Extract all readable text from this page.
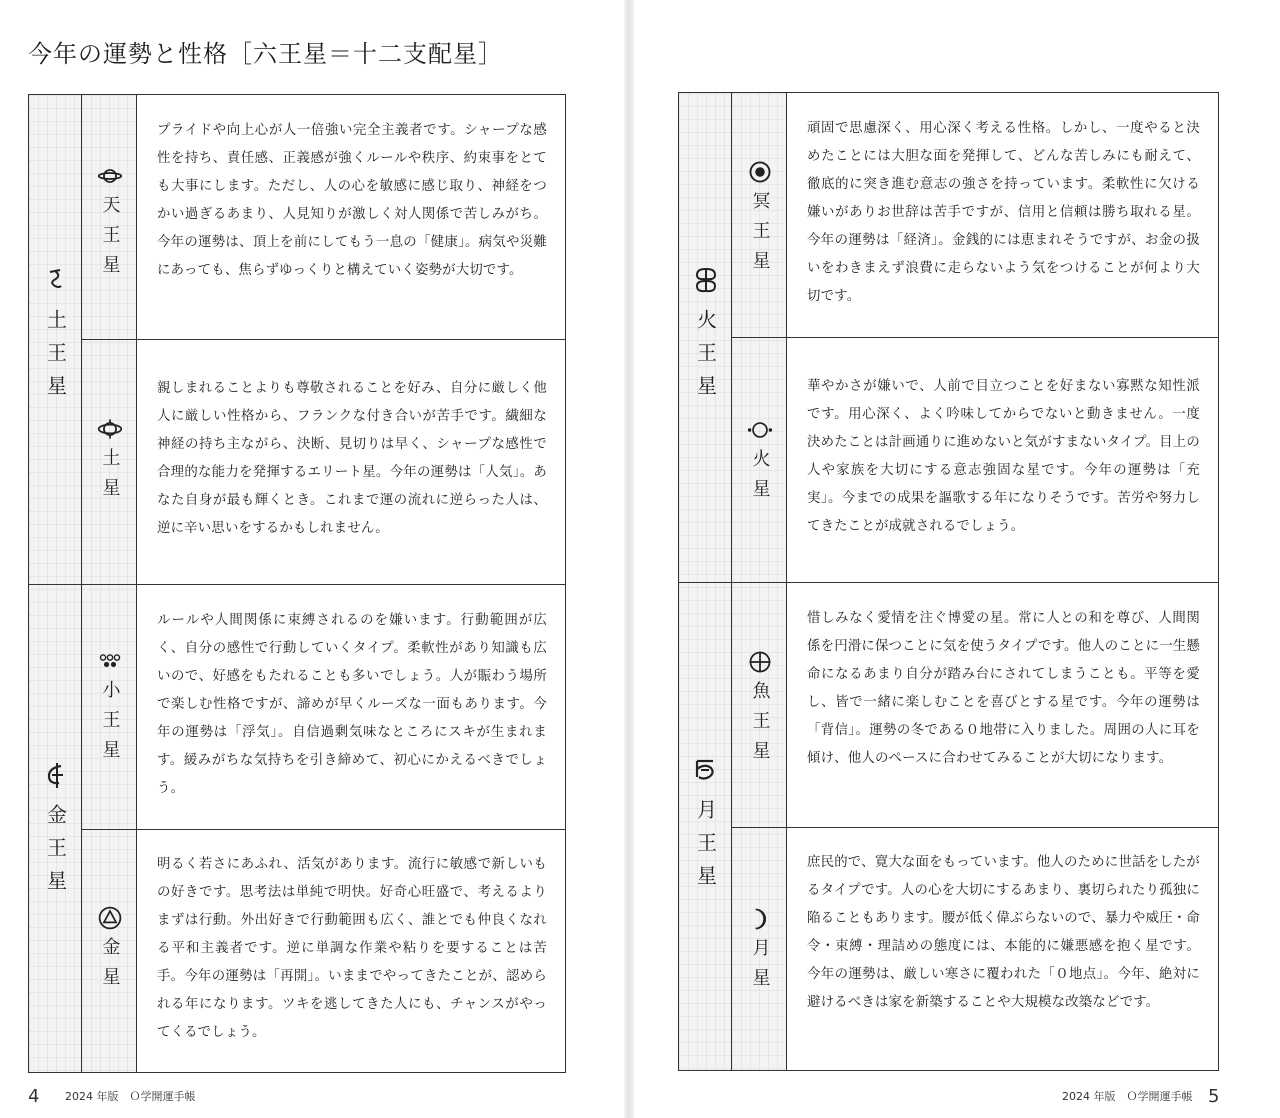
今年の運勢と性格［六王星＝十二支配星］
土王星
天王星

プライドや向上心が人一倍強い完全主義者です。シャープな感性を持ち、責任感、正義感が強くルールや秩序、約束事をとても大事にします。ただし、人の心を敏感に感じ取り、神経をつかい過ぎるあまり、人見知りが激しく対人関係で苦しみがち。今年の運勢は、頂上を前にしてもう一息の「健康」。病気や災難にあっても、焦らずゆっくりと構えていく姿勢が大切です。

土星

親しまれることよりも尊敬されることを好み、自分に厳しく他人に厳しい性格から、フランクな付き合いが苦手です。繊細な神経の持ち主ながら、決断、見切りは早く、シャープな感性で合理的な能力を発揮するエリート星。今年の運勢は「人気」。あなた自身が最も輝くとき。これまで運の流れに逆らった人は、逆に辛い思いをするかもしれません。

金王星
小王星

ルールや人間関係に束縛されるのを嫌います。行動範囲が広く、自分の感性で行動していくタイプ。柔軟性があり知識も広いので、好感をもたれることも多いでしょう。人が賑わう場所で楽しむ性格ですが、諦めが早くルーズな一面もあります。今年の運勢は「浮気」。自信過剰気味なところにスキが生まれます。緩みがちな気持ちを引き締めて、初心にかえるべきでしょう。

金星

明るく若さにあふれ、活気があります。流行に敏感で新しいもの好きです。思考法は単純で明快。好奇心旺盛で、考えるよりまずは行動。外出好きで行動範囲も広く、誰とでも仲良くなれる平和主義者です。逆に単調な作業や粘りを要することは苦手。今年の運勢は「再開」。いままでやってきたことが、認められる年になります。ツキを逃してきた人にも、チャンスがやってくるでしょう。

火王星
冥王星

頑固で思慮深く、用心深く考える性格。しかし、一度やると決めたことには大胆な面を発揮して、どんな苦しみにも耐えて、徹底的に突き進む意志の強さを持っています。柔軟性に欠ける嫌いがありお世辞は苦手ですが、信用と信頼は勝ち取れる星。今年の運勢は「経済」。金銭的には恵まれそうですが、お金の扱いをわきまえず浪費に走らないよう気をつけることが何より大切です。

火星

華やかさが嫌いで、人前で目立つことを好まない寡黙な知性派です。用心深く、よく吟味してからでないと動きません。一度決めたことは計画通りに進めないと気がすまないタイプ。目上の人や家族を大切にする意志強固な星です。今年の運勢は「充実」。今までの成果を謳歌する年になりそうです。苦労や努力してきたことが成就されるでしょう。

月王星
魚王星

惜しみなく愛情を注ぐ博愛の星。常に人との和を尊び、人間関係を円滑に保つことに気を使うタイプです。他人のことに一生懸命になるあまり自分が踏み台にされてしまうことも。平等を愛し、皆で一緒に楽しむことを喜びとする星です。今年の運勢は「背信」。運勢の冬である０地帯に入りました。周囲の人に耳を傾け、他人のペースに合わせてみることが大切になります。

月星

庶民的で、寛大な面をもっています。他人のために世話をしたがるタイプです。人の心を大切にするあまり、裏切られたり孤独に陥ることもあります。腰が低く偉ぶらないので、暴力や威圧・命令・束縛・理詰めの態度には、本能的に嫌悪感を抱く星です。今年の運勢は、厳しい寒さに覆われた「０地点」。今年、絶対に避けるべきは家を新築することや大規模な改築などです。

4 2024 年版　Ｏ学開運手帳	2024 年版　Ｏ学開運手帳 5
